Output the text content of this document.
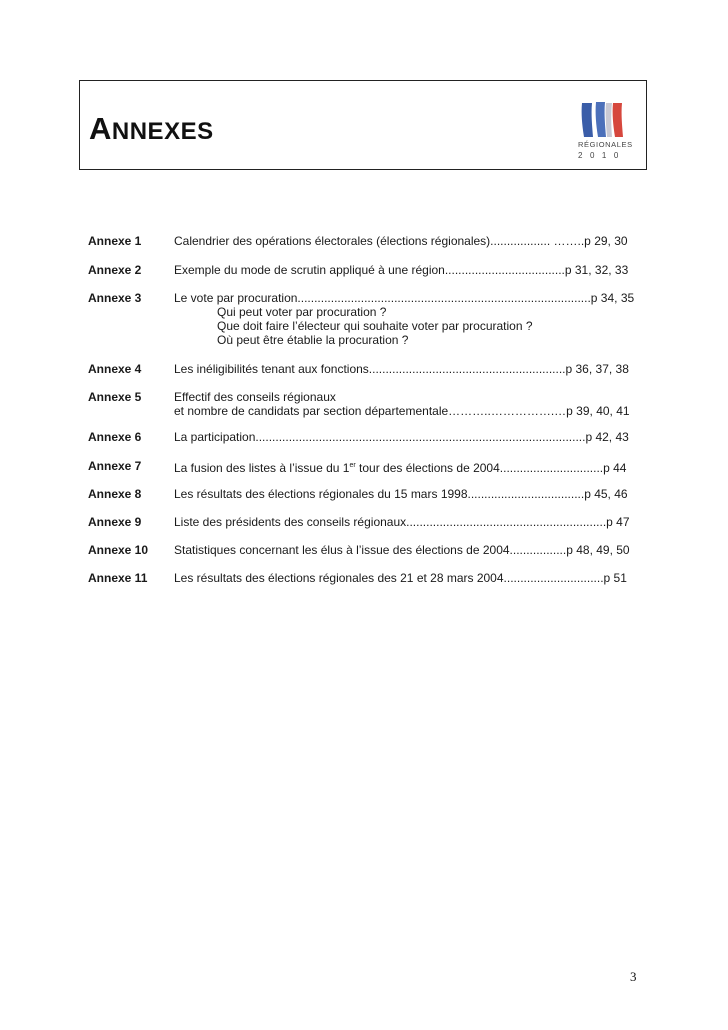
ANNEXES	RÉGIONALES
2010
Annexe 1	Calendrier des opérations électorales (élections régionales).................. ……..p 29, 30
Annexe 2	Exemple du mode de scrutin appliqué à une région....................................p 31, 32, 33
Annexe 3	Le vote par procuration........................................................................................p 34, 35
Qui peut voter par procuration ?
Que doit faire l’électeur qui souhaite voter par procuration ?
Où peut être établie la procuration ?
Annexe 4	Les inéligibilités tenant aux fonctions...........................................................p 36, 37, 38
Annexe 5	Effectif des conseils régionaux
et nombre de candidats par section départementale………..…………….…p 39, 40, 41
Annexe 6	La participation...................................................................................................p 42, 43
Annexe 7	La fusion des listes à l’issue du 1er tour des élections de 2004...............................p 44
Annexe 8	Les résultats des élections régionales du 15 mars 1998...................................p 45, 46
Annexe 9	Liste des présidents des conseils régionaux............................................................p 47
Annexe 10 Statistiques concernant les élus à l’issue des élections de 2004.................p 48, 49, 50
Annexe 11 Les résultats des élections régionales des 21 et 28 mars 2004..............................p 51
3
